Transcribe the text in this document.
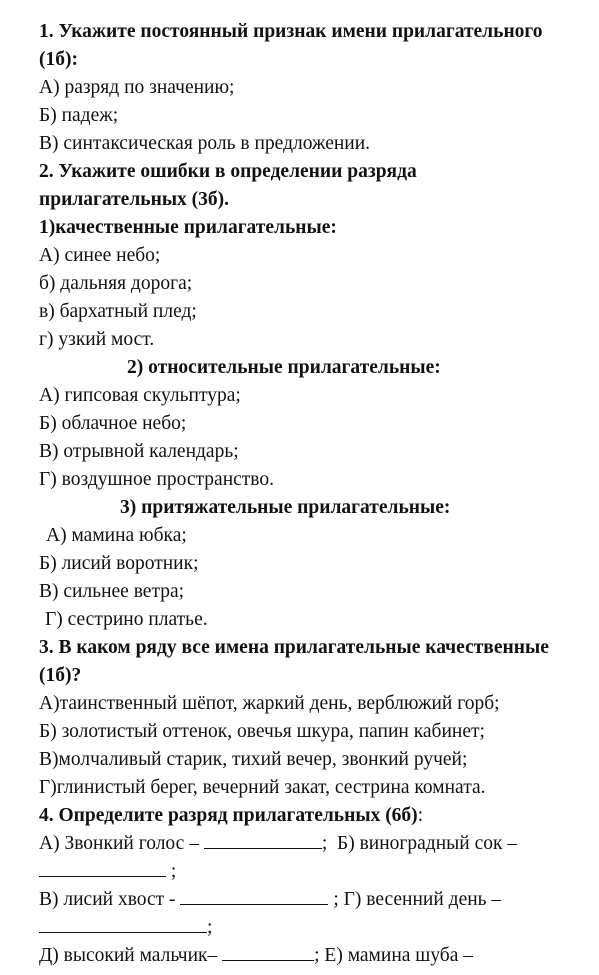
1. Укажите постоянный признак имени прилагательного
(1б):
А) разряд по значению;
Б) падеж;
В) синтаксическая роль в предложении.
2. Укажите ошибки в определении разряда
прилагательных (3б).
1)качественные прилагательные:
А) синее небо;
б) дальняя дорога;
в) бархатный плед;
г) узкий мост.
2) относительные прилагательные:
А) гипсовая скульптура;
Б) облачное небо;
В) отрывной календарь;
Г) воздушное пространство.
3) притяжательные прилагательные:
А) мамина юбка;
Б) лисий воротник;
В) сильнее ветра;
Г) сестрино платье.
3. В каком ряду все имена прилагательные качественные
(1б)?
А)таинственный шёпот, жаркий день, верблюжий горб;
Б) золотистый оттенок, овечья шкура, папин кабинет;
В)молчаливый старик, тихий вечер, звонкий ручей;
Г)глинистый берег, вечерний закат, сестрина комната.
4. Определите разряд прилагательных (6б):
А) Звонкий голос –	; Б) виноградный сок –
;
В) лисий хвост -	; Г) весенний день –
;
Д) высокий мальчик–	; Е) мамина шуба –
